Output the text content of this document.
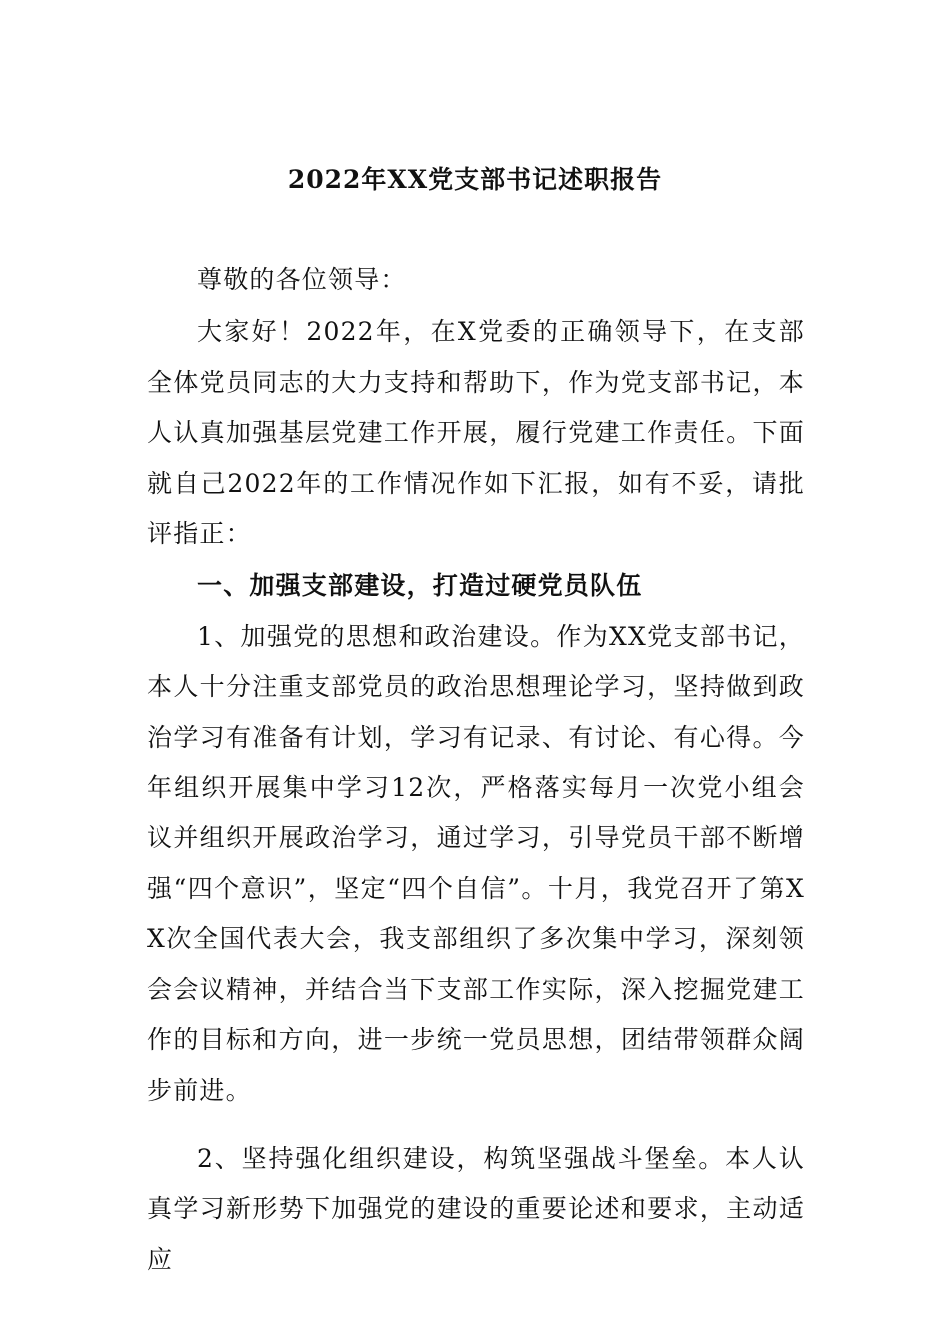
2022年XX党支部书记述职报告

尊敬的各位领导：

大家好！2022年，在X党委的正确领导下，在支部全体党员同志的大力支持和帮助下，作为党支部书记，本人认真加强基层党建工作开展，履行党建工作责任。下面就自己2022年的工作情况作如下汇报，如有不妥，请批评指正：

一、加强支部建设，打造过硬党员队伍

1、加强党的思想和政治建设。作为XX党支部书记，本人十分注重支部党员的政治思想理论学习，坚持做到政治学习有准备有计划，学习有记录、有讨论、有心得。今年组织开展集中学习12次，严格落实每月一次党小组会议并组织开展政治学习，通过学习，引导党员干部不断增强“四个意识”，坚定“四个自信”。十月，我党召开了第XX次全国代表大会，我支部组织了多次集中学习，深刻领会会议精神，并结合当下支部工作实际，深入挖掘党建工作的目标和方向，进一步统一党员思想，团结带领群众阔步前进。

2、坚持强化组织建设，构筑坚强战斗堡垒。本人认真学习新形势下加强党的建设的重要论述和要求，主动适应
